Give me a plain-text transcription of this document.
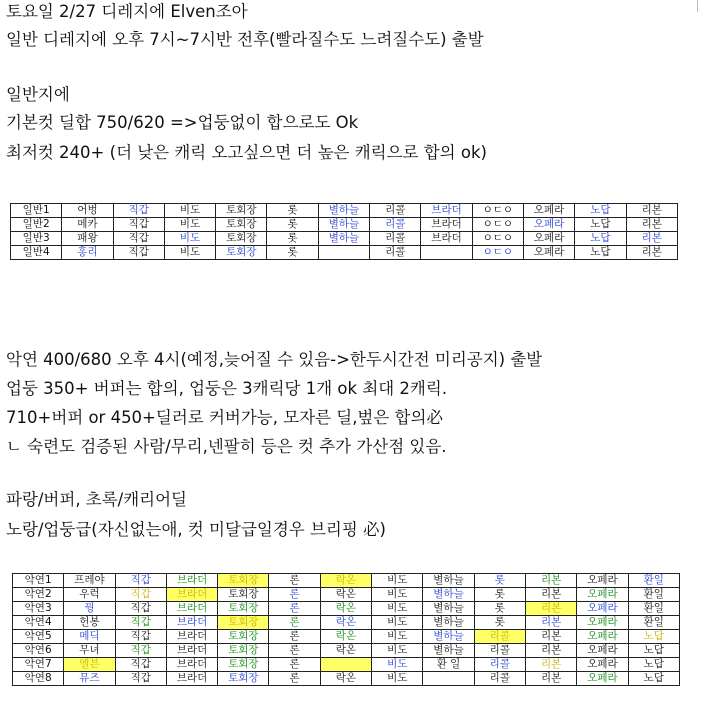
토요일 2/27 디레지에 Elven조아
일반 디레지에 오후 7시~7시반 전후(빨라질수도 느려질수도) 출발
일반지에
기본컷 딜합 750/620 =>업둥없이 합으로도 Ok
최저컷 240+ (더 낮은 캐릭 오고싶으면 더 높은 캐릭으로 합의 ok)
일반1	어벙	직갑	비도	토회장	롯	별하늘	리콜	브라더	ㅇㄷㅇ	오페라	노답	리본
일반2	메카	직갑	비도	토회장	롯	별하늘	리콜	브라더	ㅇㄷㅇ	오페라	노답	리본
일반3	패왕	직갑	비도	토회장	롯	별하늘	리콜	브라더	ㅇㄷㅇ	오페라	노답	리본
일반4	홍리	직갑	비도	토회장	롯		리콜		ㅇㄷㅇ	오페라	노답	리본
악연 400/680 오후 4시(예정,늦어질 수 있음->한두시간전 미리공지) 출발
업둥 350+ 버퍼는 합의, 업둥은 3캐릭당 1개 ok 최대 2캐릭.
710+버퍼 or 450+딜러로 커버가능, 모자른 딜,벞은 합의必
ㄴ 숙련도 검증된 사람/무리,넨팔히 등은 컷 추가 가산점 있음.
파랑/버퍼, 초록/캐리어딜
노랑/업둥급(자신없는애, 컷 미달급일경우 브리핑 必)
악연1	프레야	직갑	브라더	토회장	론	락온	비도	별하늘	롯	리본	오페라	환일
악연2	우럭	직갑	브라더	토회장	론	락온	비도	별하늘	롯	리본	오페라	환일
악연3	꿩	직갑	브라더	토회장	론	락온	비도	별하늘	롯	리본	오페라	환일
악연4	헌봉	직갑	브라더	토회장	론	락온	비도	별하늘	롯	리본	오페라	환일
악연5	메딕	직갑	브라더	토회장	론	락온	비도	별하늘	리콜	리본	오페라	노답
악연6	무녀	직갑	브라더	토회장	론	락온	비도	별하늘	리콜	리본	오페라	노답
악연7	엘븐	직갑	브라더	토회장	론		비도	환 일	리콜	리본	오페라	노답
악연8	뮤즈	직갑	브라더	토회장	론	락온	비도		리콜	리본	오페라	노답
